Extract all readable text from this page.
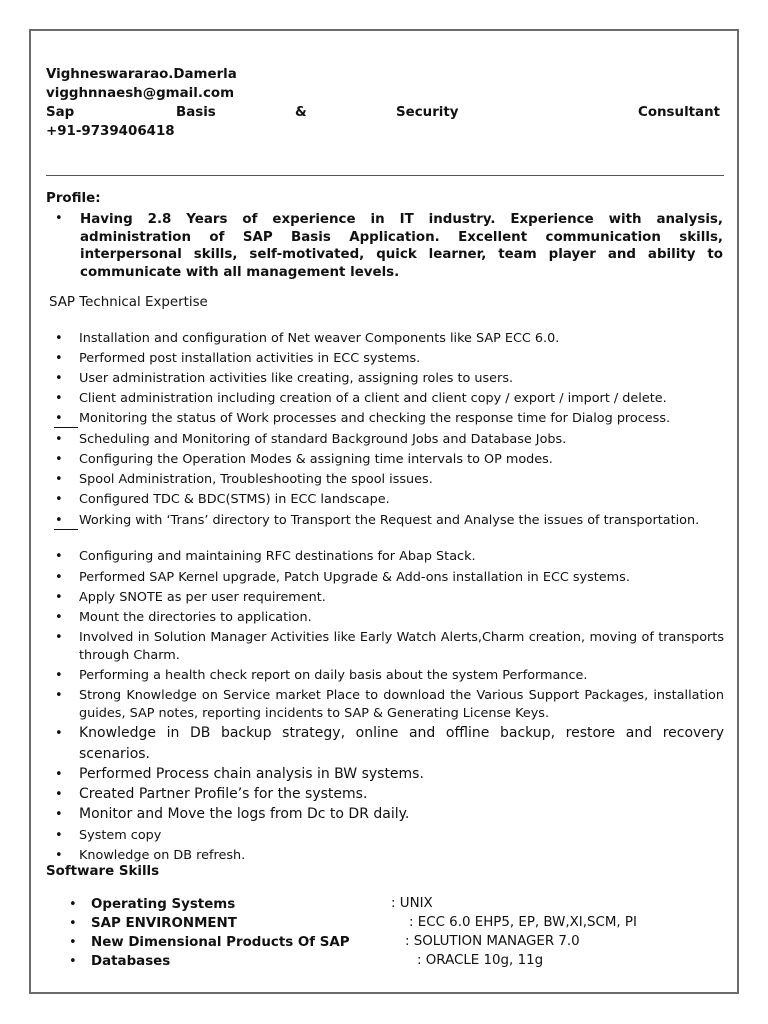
Vighneswararao.Damerla
vigghnnaesh@gmail.com
Sap	Basis	&	Security	Consultant
+91-9739406418
Profile:
• Having 2.8 Years of experience in IT industry. Experience with analysis,
administration of SAP Basis Application. Excellent communication skills,
interpersonal skills, self-motivated, quick learner, team player and ability to
communicate with all management levels.
SAP Technical Expertise
• Installation and configuration of Net weaver Components like SAP ECC 6.0.
• Performed post installation activities in ECC systems.
• User administration activities like creating, assigning roles to users.
• Client administration including creation of a client and client copy / export / import / delete.
• Monitoring the status of Work processes and checking the response time for Dialog process.
• Scheduling and Monitoring of standard Background Jobs and Database Jobs.
• Configuring the Operation Modes & assigning time intervals to OP modes.
• Spool Administration, Troubleshooting the spool issues.
• Configured TDC & BDC(STMS) in ECC landscape.
• Working with ‘Trans’ directory to Transport the Request and Analyse the issues of transportation.
• Configuring and maintaining RFC destinations for Abap Stack.
• Performed SAP Kernel upgrade, Patch Upgrade & Add-ons installation in ECC systems.
• Apply SNOTE as per user requirement.
• Mount the directories to application.
• Involved in Solution Manager Activities like Early Watch Alerts,Charm creation, moving of transports through Charm.
• Performing a health check report on daily basis about the system Performance.
• Strong Knowledge on Service market Place to download the Various Support Packages, installation guides, SAP notes, reporting incidents to SAP & Generating License Keys.
• Knowledge in DB backup strategy, online and offline backup, restore and recovery scenarios.
• Performed Process chain analysis in BW systems.
• Created Partner Profile’s for the systems.
• Monitor and Move the logs from Dc to DR daily.
• System copy
• Knowledge on DB refresh.
Software Skills
• Operating Systems	: UNIX
• SAP ENVIRONMENT	: ECC 6.0 EHP5, EP, BW,XI,SCM, PI
• New Dimensional Products Of SAP	: SOLUTION MANAGER 7.0
• Databases	: ORACLE 10g, 11g
